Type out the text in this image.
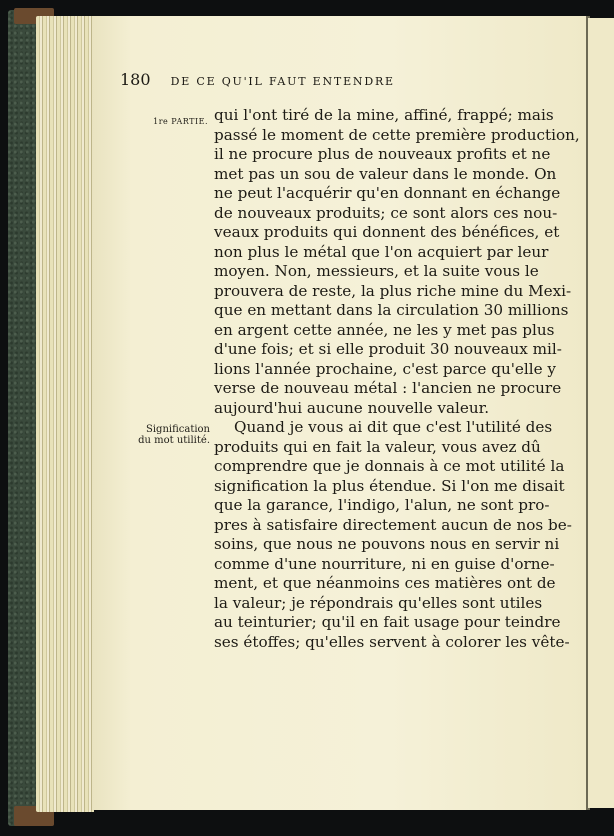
180 DE CE QU'IL FAUT ENTENDRE
1re PARTIE.
Signification
du mot utilité.
qui l'ont tiré de la mine, affiné, frappé; mais
passé le moment de cette première production,
il ne procure plus de nouveaux profits et ne
met pas un sou de valeur dans le monde. On
ne peut l'acquérir qu'en donnant en échange
de nouveaux produits; ce sont alors ces nou-
veaux produits qui donnent des bénéfices, et
non plus le métal que l'on acquiert par leur
moyen. Non, messieurs, et la suite vous le
prouvera de reste, la plus riche mine du Mexi-
que en mettant dans la circulation 30 millions
en argent cette année, ne les y met pas plus
d'une fois; et si elle produit 30 nouveaux mil-
lions l'année prochaine, c'est parce qu'elle y
verse de nouveau métal : l'ancien ne procure
aujourd'hui aucune nouvelle valeur.
Quand je vous ai dit que c'est l'utilité des
produits qui en fait la valeur, vous avez dû
comprendre que je donnais à ce mot utilité la
signification la plus étendue. Si l'on me disait
que la garance, l'indigo, l'alun, ne sont pro-
pres à satisfaire directement aucun de nos be-
soins, que nous ne pouvons nous en servir ni
comme d'une nourriture, ni en guise d'orne-
ment, et que néanmoins ces matières ont de
la valeur; je répondrais qu'elles sont utiles
au teinturier; qu'il en fait usage pour teindre
ses étoffes; qu'elles servent à colorer les vête-
